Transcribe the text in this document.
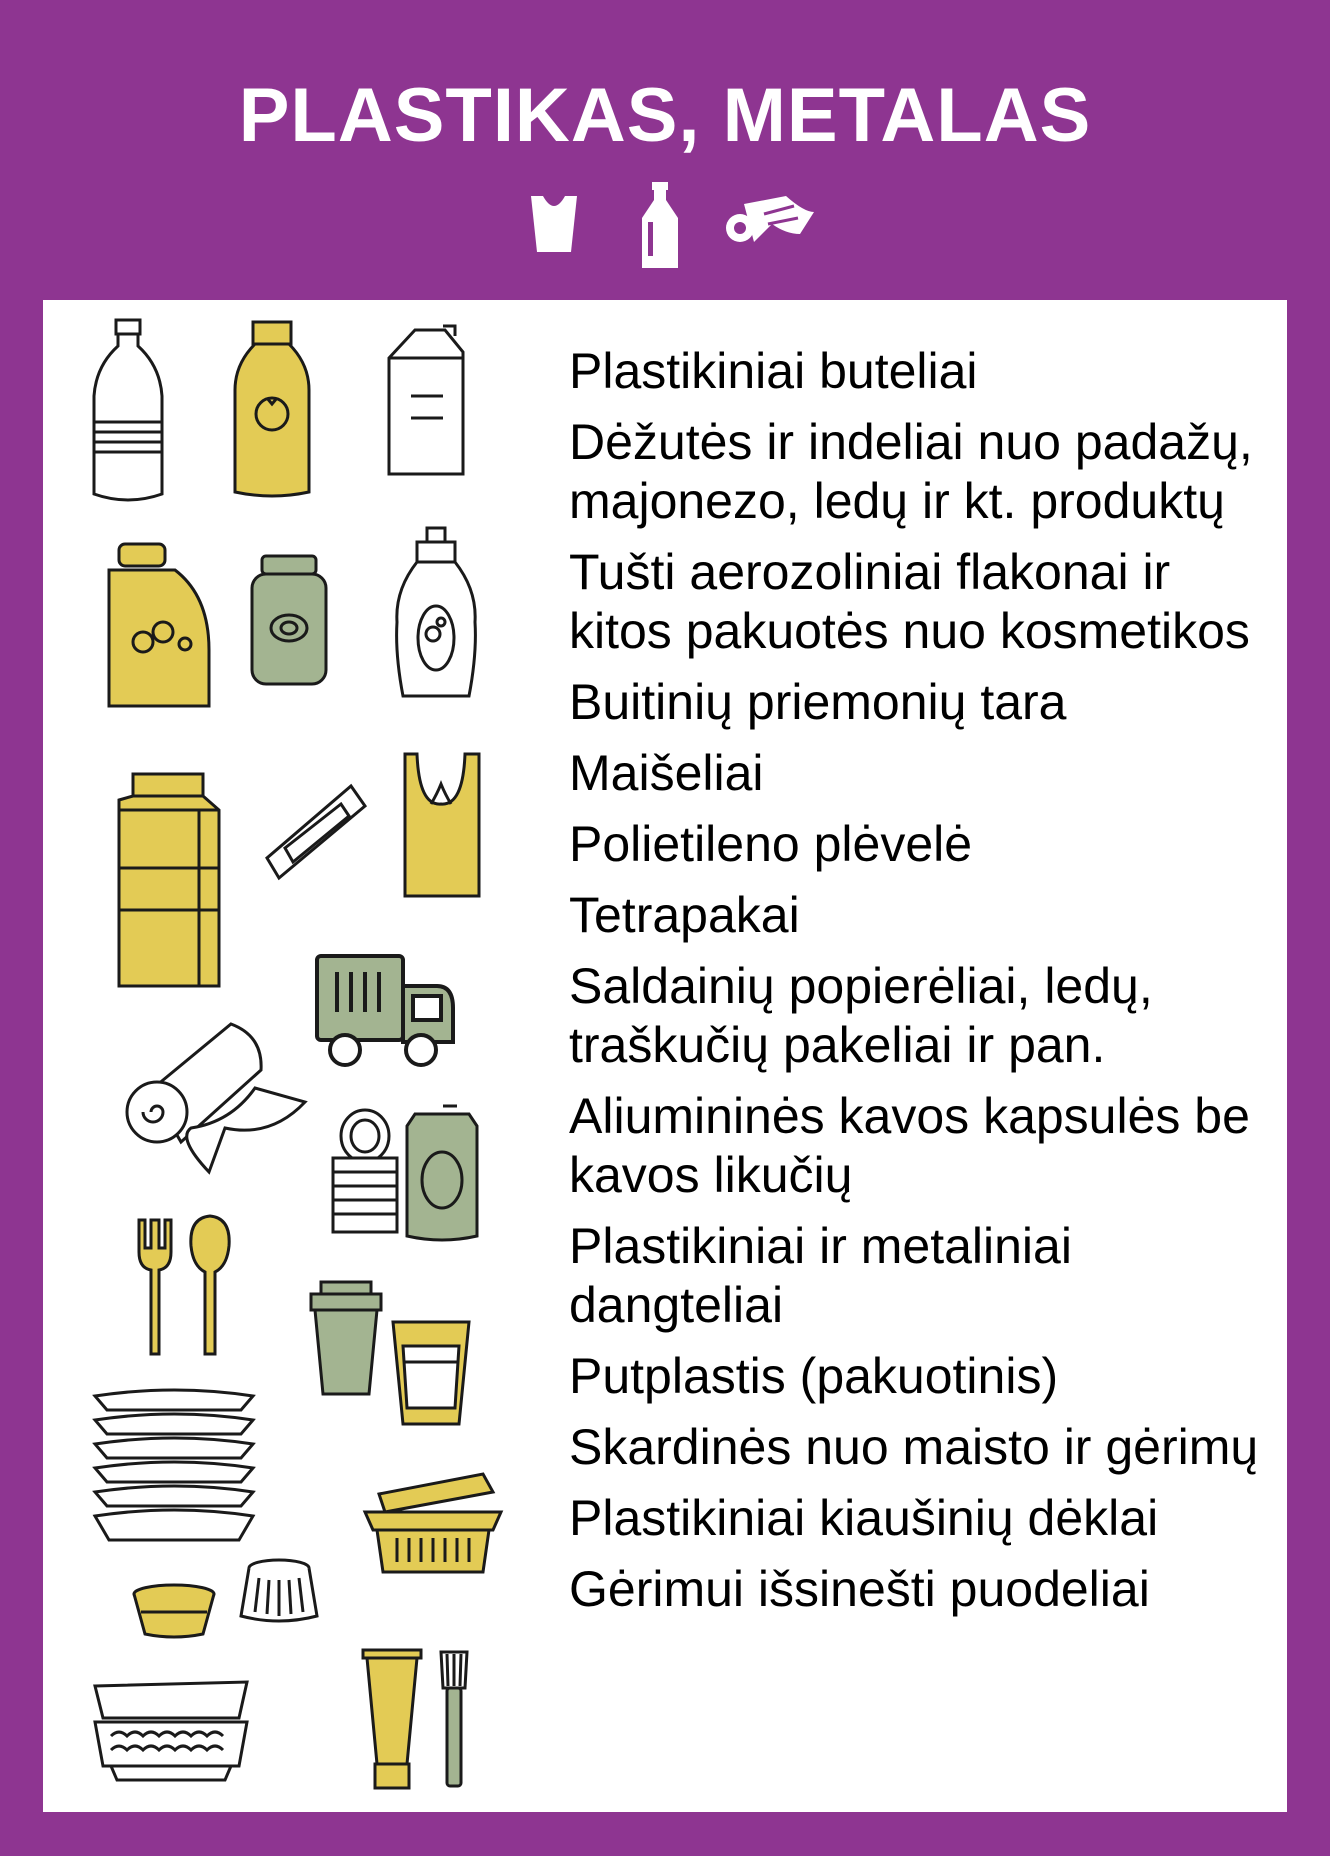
PLASTIKAS, METALAS
Plastikiniai buteliai
Dėžutės ir indeliai nuo padažų, majonezo, ledų ir kt. produktų
Tušti aerozoliniai flakonai ir kitos pakuotės nuo kosmetikos
Buitinių priemonių tara
Maišeliai
Polietileno plėvelė
Tetrapakai
Saldainių popierėliai, ledų, traškučių pakeliai ir pan.
Aliumininės kavos kapsulės be kavos likučių
Plastikiniai ir metaliniai dangteliai
Putplastis (pakuotinis)
Skardinės nuo maisto ir gėrimų
Plastikiniai kiaušinių dėklai
Gėrimui išsinešti puodeliai
